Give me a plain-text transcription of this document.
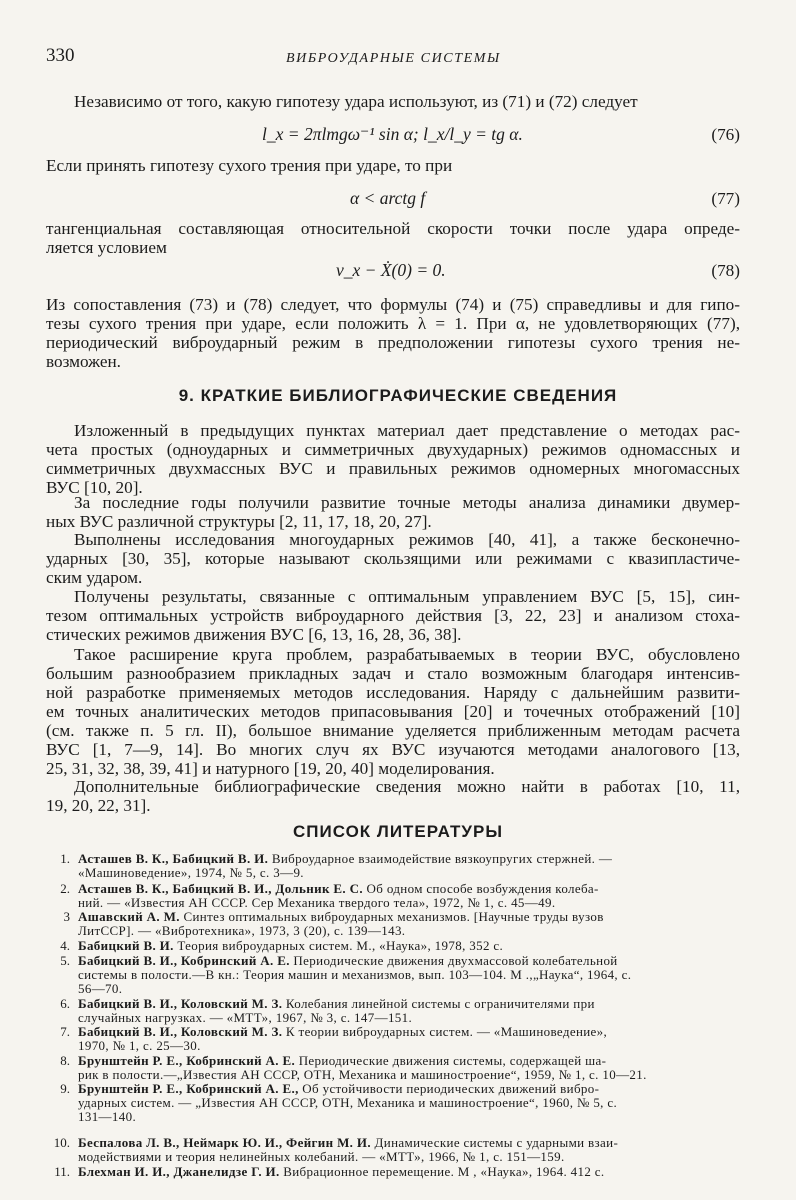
330	ВИБРОУДАРНЫЕ СИСТЕМЫ
Независимо от того, какую гипотезу удара используют, из (71) и (72) следует
l_x = 2πlmgω⁻¹ sin α; l_x/l_y = tg α.	(76)
Если принять гипотезу сухого трения при ударе, то при
α < arctg f	(77)
тангенциальная составляющая относительной скорости точки после удара опреде-
ляется условием
v_x − Ẋ(0) = 0.	(78)
Из сопоставления (73) и (78) следует, что формулы (74) и (75) справедливы и для гипо-
тезы сухого трения при ударе, если положить λ = 1. При α, не удовлетворяющих (77),
периодический виброударный режим в предположении гипотезы сухого трения не-
возможен.
9. КРАТКИЕ БИБЛИОГРАФИЧЕСКИЕ СВЕДЕНИЯ
Изложенный в предыдущих пунктах материал дает представление о методах рас-
чета простых (одноударных и симметричных двухударных) режимов одномассных и
симметричных двухмассных ВУС и правильных режимов одномерных многомассных
ВУС [10, 20].
За последние годы получили развитие точные методы анализа динамики двумер-
ных ВУС различной структуры [2, 11, 17, 18, 20, 27].
Выполнены исследования многоударных режимов [40, 41], а также бесконечно-
ударных [30, 35], которые называют скользящими или режимами с квазипластиче-
ским ударом.
Получены результаты, связанные с оптимальным управлением ВУС [5, 15], син-
тезом оптимальных устройств виброударного действия [3, 22, 23] и анализом стоха-
стических режимов движения ВУС [6, 13, 16, 28, 36, 38].
Такое расширение круга проблем, разрабатываемых в теории ВУС, обусловлено
большим разнообразием прикладных задач и стало возможным благодаря интенсив-
ной разработке применяемых методов исследования. Наряду с дальнейшим развити-
ем точных аналитических методов припасовывания [20] и точечных отображений [10]
(см. также п. 5 гл. II), большое внимание уделяется приближенным методам расчета
ВУС [1, 7—9, 14]. Во многих случ ях ВУС изучаются методами аналогового [13,
25, 31, 32, 38, 39, 41] и натурного [19, 20, 40] моделирования.
Дополнительные библиографические сведения можно найти в работах [10, 11,
19, 20, 22, 31].
СПИСОК ЛИТЕРАТУРЫ
1. Асташев В. К., Бабицкий В. И. Виброударное взаимодействие вязкоупругих стержней. —
«Машиноведение», 1974, № 5, с. 3—9.
2. Асташев В. К., Бабицкий В. И., Дольник Е. С. Об одном способе возбуждения колеба-
ний. — «Известия АН СССР. Сер Механика твердого тела», 1972, № 1, с. 45—49.
3 Ашавский А. М. Синтез оптимальных виброударных механизмов. [Научные труды вузов
ЛитССР]. — «Вибротехника», 1973, 3 (20), с. 139—143.
4. Бабицкий В. И. Теория виброударных систем. М., «Наука», 1978, 352 с.
5. Бабицкий В. И., Кобринский А. Е. Периодические движения двухмассовой колебательной
системы в полости.—В кн.: Теория машин и механизмов, вып. 103—104. М .,„Наука“, 1964, с.
56—70.
6. Бабицкий В. И., Коловский М. З. Колебания линейной системы с ограничителями при
случайных нагрузках. — «МТТ», 1967, № 3, с. 147—151.
7. Бабицкий В. И., Коловский М. З. К теории виброударных систем. — «Машиноведение»,
1970, № 1, с. 25—30.
8. Брунштейн Р. Е., Кобринский А. Е. Периодические движения системы, содержащей ша-
рик в полости.—„Известия АН СССР, ОТН, Механика и машиностроение“, 1959, № 1, с. 10—21.
9. Брунштейн Р. Е., Кобринский А. Е., Об устойчивости периодических движений вибро-
ударных систем. — „Известия АН СССР, ОТН, Механика и машиностроение“, 1960, № 5, с.
131—140.
10. Беспалова Л. В., Неймарк Ю. И., Фейгин М. И. Динамические системы с ударными взаи-
модействиями и теория нелинейных колебаний. — «МТТ», 1966, № 1, с. 151—159.
11. Блехман И. И., Джанелидзе Г. И. Вибрационное перемещение. М , «Наука», 1964. 412 с.
